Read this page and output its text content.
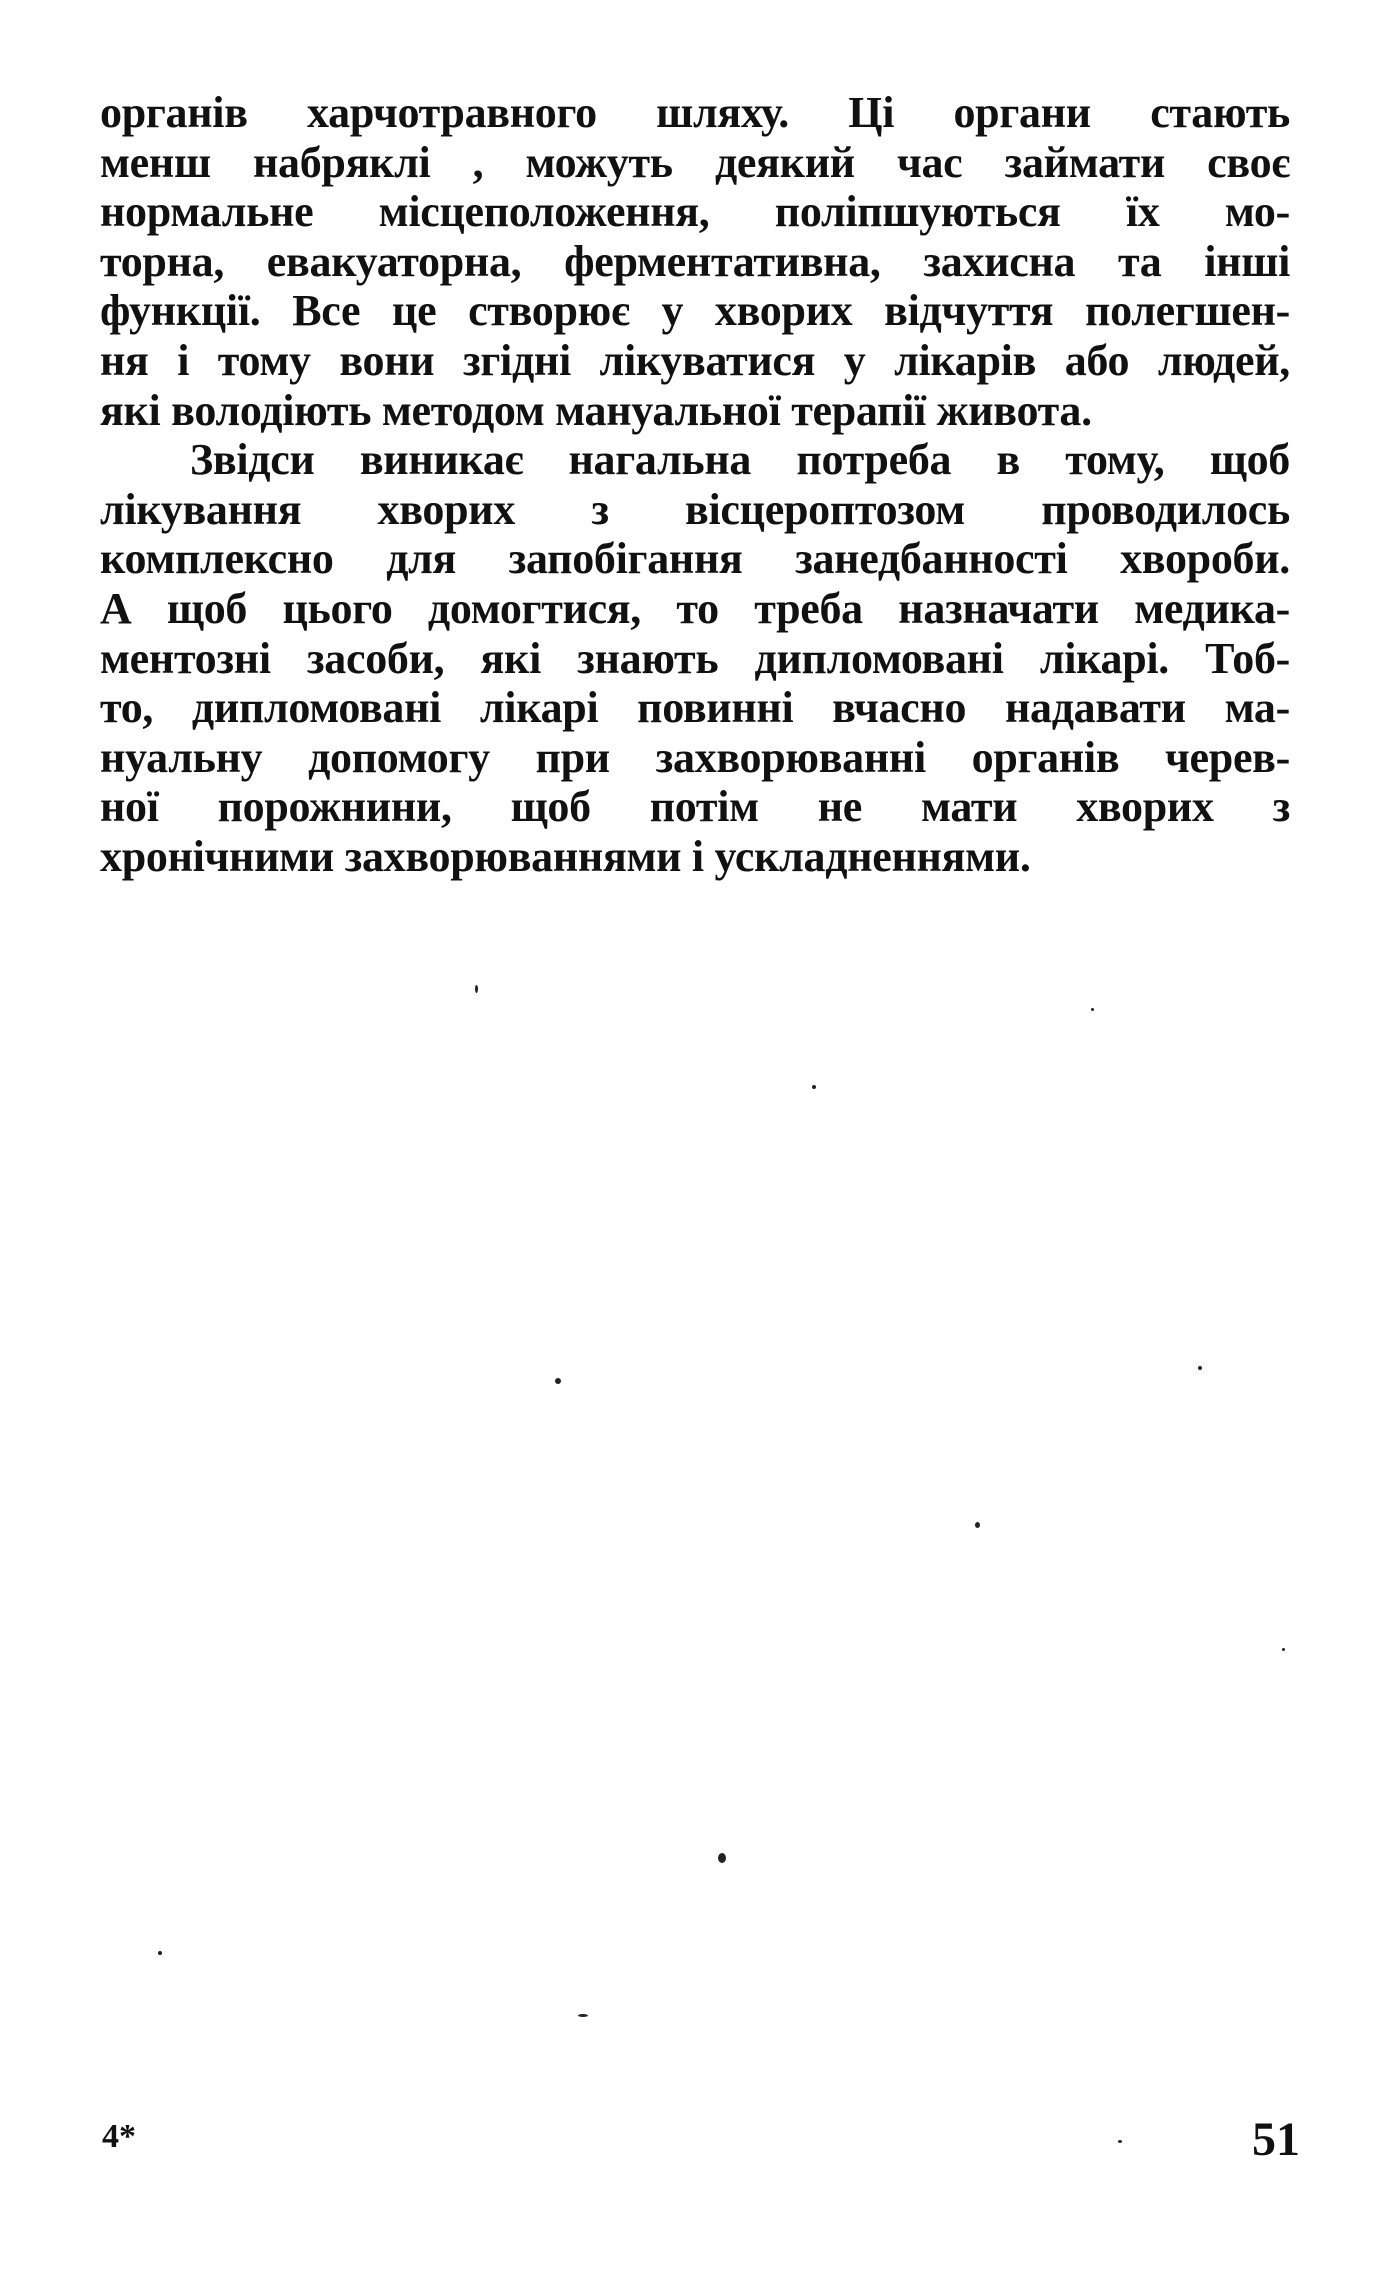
органів харчотравного шляху. Ці органи стають
менш набряклі , можуть деякий час займати своє
нормальне місцеположення, поліпшуються їх мо-
торна, евакуаторна, ферментативна, захисна та інші
функції. Все це створює у хворих відчуття полегшен-
ня і тому вони згідні лікуватися у лікарів або людей,
які володіють методом мануальної терапії живота.
Звідси виникає нагальна потреба в тому, щоб
лікування хворих з вісцероптозом проводилось
комплексно для запобігання занедбанності хвороби.
А щоб цього домогтися, то треба назначати медика-
ментозні засоби, які знають дипломовані лікарі. Тоб-
то, дипломовані лікарі повинні вчасно надавати ма-
нуальну допомогу при захворюванні органів черев-
ної порожнини, щоб потім не мати хворих з
хронічними захворюваннями і ускладненнями.
4*	51
